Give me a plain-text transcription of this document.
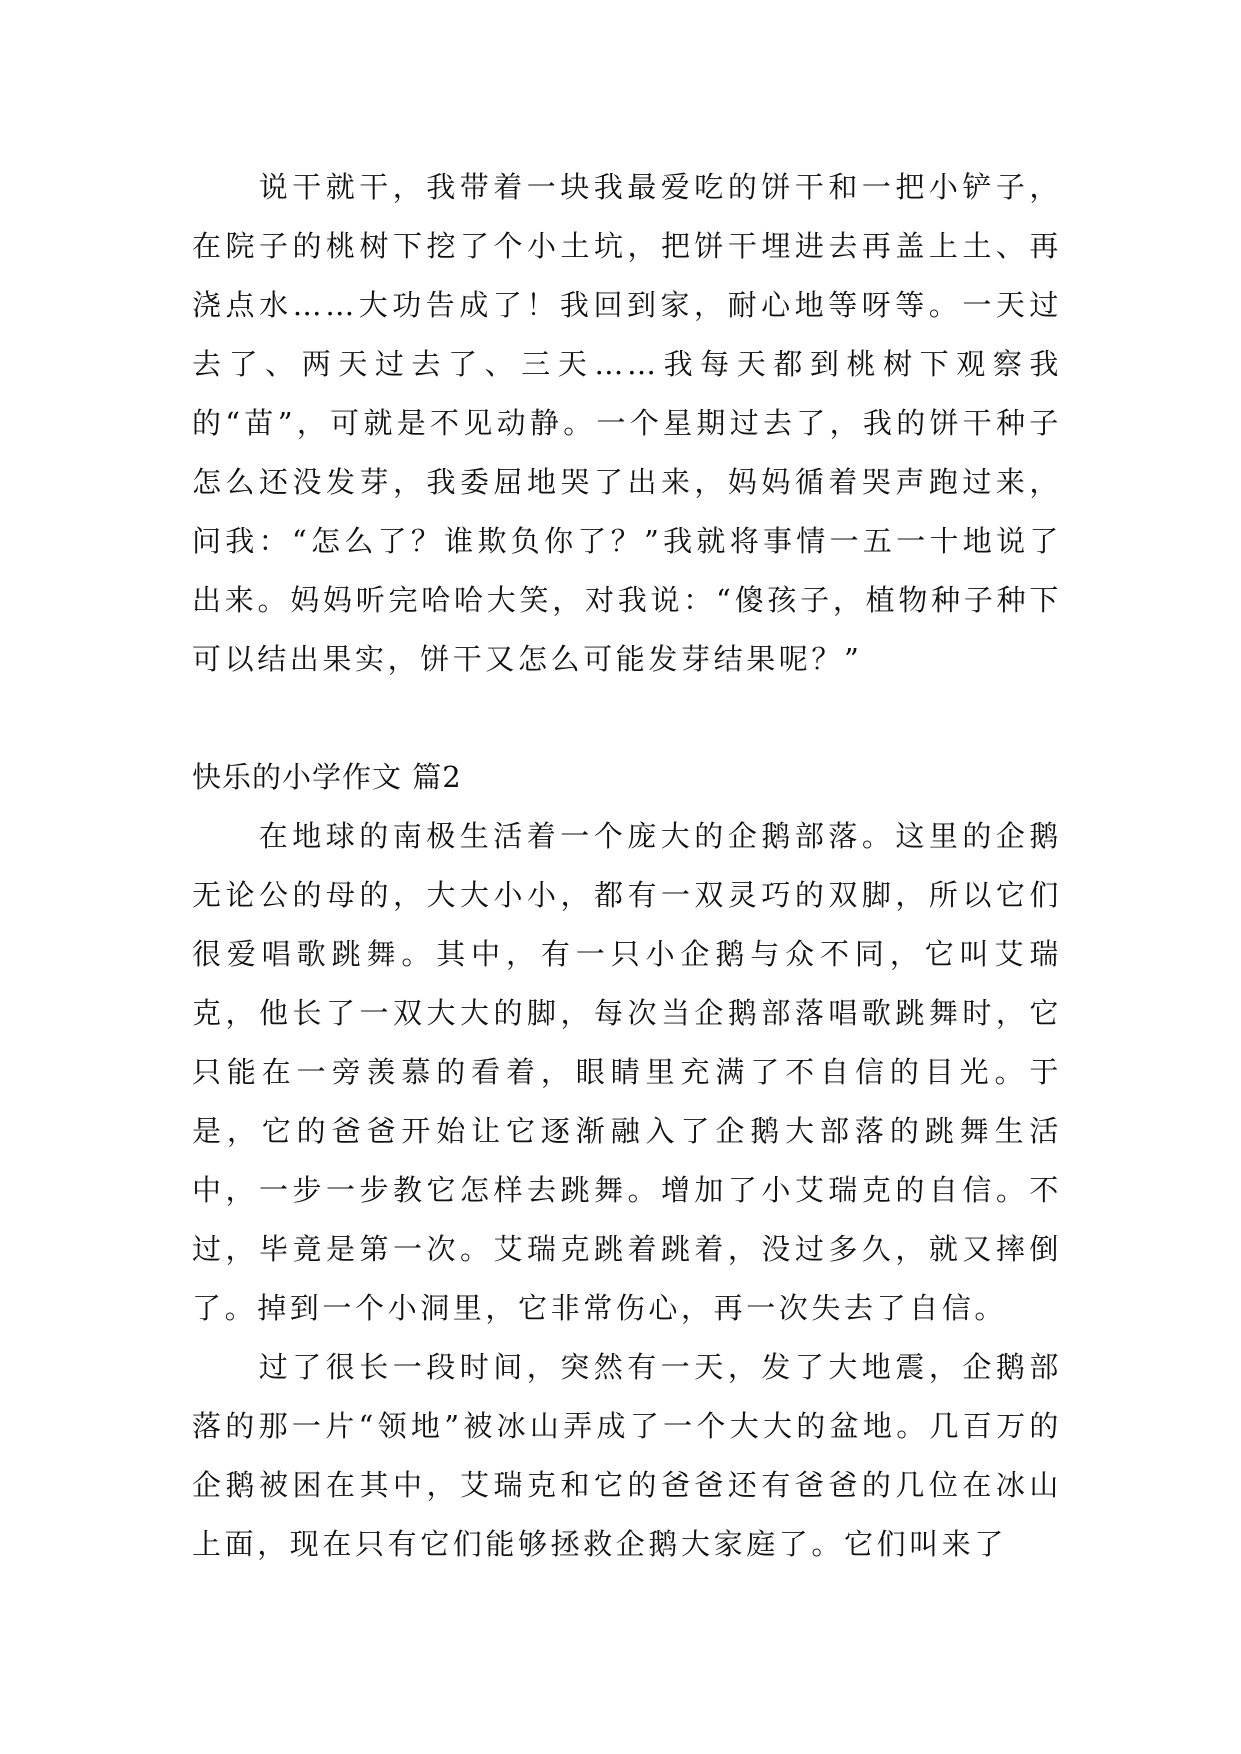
说干就干，我带着一块我最爱吃的饼干和一把小铲子，在院子的桃树下挖了个小土坑，把饼干埋进去再盖上土、再浇点水……大功告成了！我回到家，耐心地等呀等。一天过去了、两天过去了、三天……我每天都到桃树下观察我的“苗”，可就是不见动静。一个星期过去了，我的饼干种子怎么还没发芽，我委屈地哭了出来，妈妈循着哭声跑过来，问我：“怎么了？谁欺负你了？”我就将事情一五一十地说了出来。妈妈听完哈哈大笑，对我说：“傻孩子，植物种子种下可以结出果实，饼干又怎么可能发芽结果呢？”

快乐的小学作文 篇2

在地球的南极生活着一个庞大的企鹅部落。这里的企鹅无论公的母的，大大小小，都有一双灵巧的双脚，所以它们很爱唱歌跳舞。其中，有一只小企鹅与众不同，它叫艾瑞克，他长了一双大大的脚，每次当企鹅部落唱歌跳舞时，它只能在一旁羡慕的看着，眼睛里充满了不自信的目光。于是，它的爸爸开始让它逐渐融入了企鹅大部落的跳舞生活中，一步一步教它怎样去跳舞。增加了小艾瑞克的自信。不过，毕竟是第一次。艾瑞克跳着跳着，没过多久，就又摔倒了。掉到一个小洞里，它非常伤心，再一次失去了自信。

过了很长一段时间，突然有一天，发了大地震，企鹅部落的那一片“领地”被冰山弄成了一个大大的盆地。几百万的企鹅被困在其中，艾瑞克和它的爸爸还有爸爸的几位在冰山上面，现在只有它们能够拯救企鹅大家庭了。它们叫来了
